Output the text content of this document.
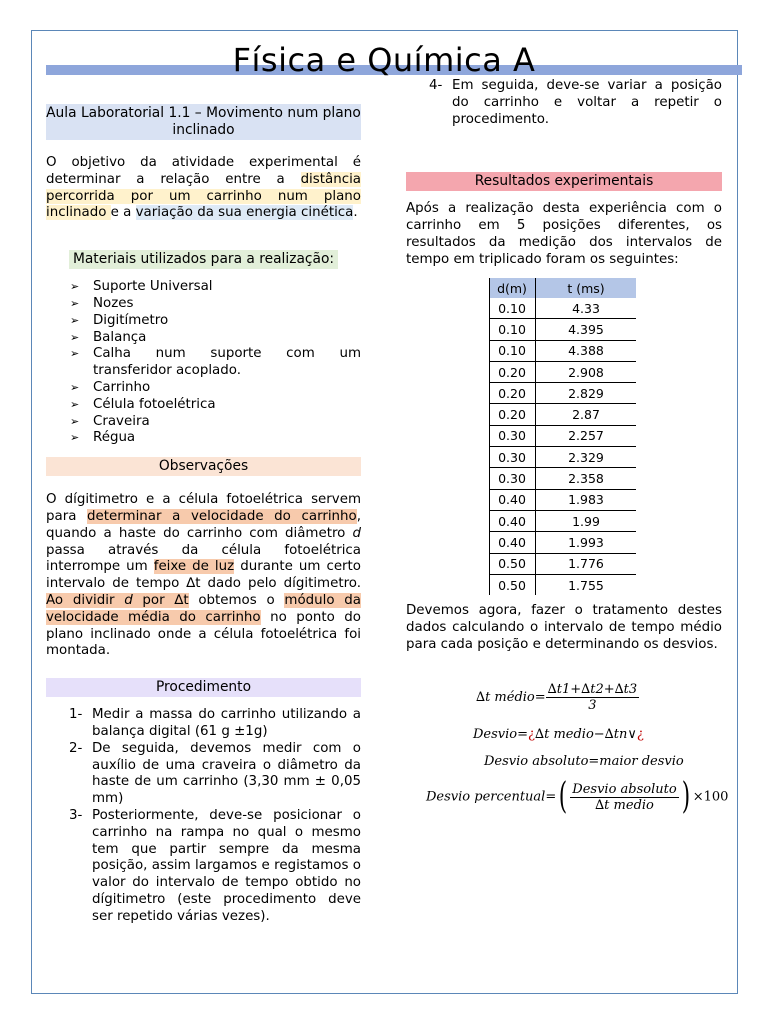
Física e Química A
Aula Laboratorial 1.1 – Movimento num plano inclinado

O objetivo da atividade experimental é determinar a relação entre a distância percorrida por um carrinho num plano inclinado e a variação da sua energia cinética.

Materiais utilizados para a realização:
➢ Suporte Universal
➢ Nozes
➢ Digitímetro
➢ Balança
➢ Calha num suporte com um transferidor acoplado.
➢ Carrinho
➢ Célula fotoelétrica
➢ Craveira
➢ Régua
Observações

O dígitimetro e a célula fotoelétrica servem para determinar a velocidade do carrinho, quando a haste do carrinho com diâmetro d passa através da célula fotoelétrica interrompe um feixe de luz durante um certo intervalo de tempo ∆t dado pelo dígitimetro. Ao dividir d por ∆t obtemos o módulo da velocidade média do carrinho no ponto do plano inclinado onde a célula fotoelétrica foi montada.

Procedimento
1- Medir a massa do carrinho utilizando a balança digital (61 g ±1g)
2- De seguida, devemos medir com o auxílio de uma craveira o diâmetro da haste de um carrinho (3,30 mm ± 0,05 mm)
3- Posteriormente, deve-se posicionar o carrinho na rampa no qual o mesmo tem que partir sempre da mesma posição, assim largamos e registamos o valor do intervalo de tempo obtido no dígitimetro (este procedimento deve ser repetido várias vezes).
4- Em seguida, deve-se variar a posição do carrinho e voltar a repetir o procedimento.
Resultados experimentais

Após a realização desta experiência com o carrinho em 5 posições diferentes, os resultados da medição dos intervalos de tempo em triplicado foram os seguintes:

d(m)	t (ms)
0.10	4.33
0.10	4.395
0.10	4.388
0.20	2.908
0.20	2.829
0.20	2.87
0.30	2.257
0.30	2.329
0.30	2.358
0.40	1.983
0.40	1.99
0.40	1.993
0.50	1.776
0.50	1.755

Devemos agora, fazer o tratamento destes dados calculando o intervalo de tempo médio para cada posição e determinando os desvios.

∆t médio= $\frac{\Delta t1+\Delta t2+\Delta t3}{3}$
Desvio=¿∆t medio−∆tn∨¿
Desvio absoluto=maior desvio
Desvio percentual=( $\frac{\text{Desvio absoluto}}{\text{∆t medio}}$ ) ×100
